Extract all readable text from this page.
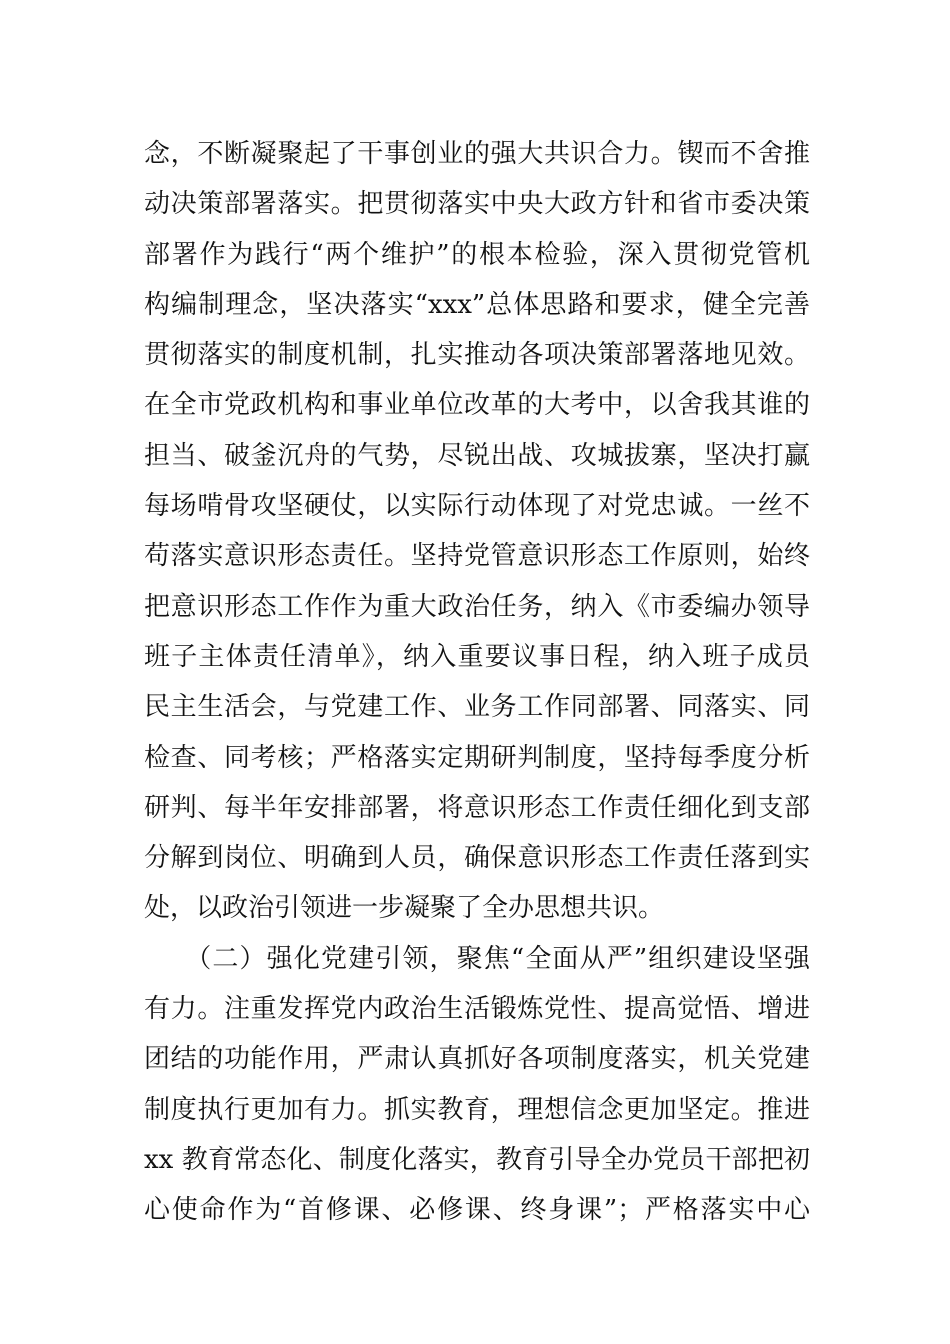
念，不断凝聚起了干事创业的强大共识合力。锲而不舍推
动决策部署落实。把贯彻落实中央大政方针和省市委决策
部署作为践行“两个维护”的根本检验，深入贯彻党管机
构编制理念，坚决落实“xxx”总体思路和要求，健全完善
贯彻落实的制度机制，扎实推动各项决策部署落地见效。
在全市党政机构和事业单位改革的大考中，以舍我其谁的
担当、破釜沉舟的气势，尽锐出战、攻城拔寨，坚决打赢
每场啃骨攻坚硬仗，以实际行动体现了对党忠诚。一丝不
苟落实意识形态责任。坚持党管意识形态工作原则，始终
把意识形态工作作为重大政治任务，纳入《市委编办领导
班子主体责任清单》，纳入重要议事日程，纳入班子成员
民主生活会，与党建工作、业务工作同部署、同落实、同
检查、同考核；严格落实定期研判制度，坚持每季度分析
研判、每半年安排部署，将意识形态工作责任细化到支部
分解到岗位、明确到人员，确保意识形态工作责任落到实
处，以政治引领进一步凝聚了全办思想共识。
　　（二）强化党建引领，聚焦“全面从严”组织建设坚强
有力。注重发挥党内政治生活锻炼党性、提高觉悟、增进
团结的功能作用，严肃认真抓好各项制度落实，机关党建
制度执行更加有力。抓实教育，理想信念更加坚定。推进
xx 教育常态化、制度化落实，教育引导全办党员干部把初
心使命作为“首修课、必修课、终身课”；严格落实中心
